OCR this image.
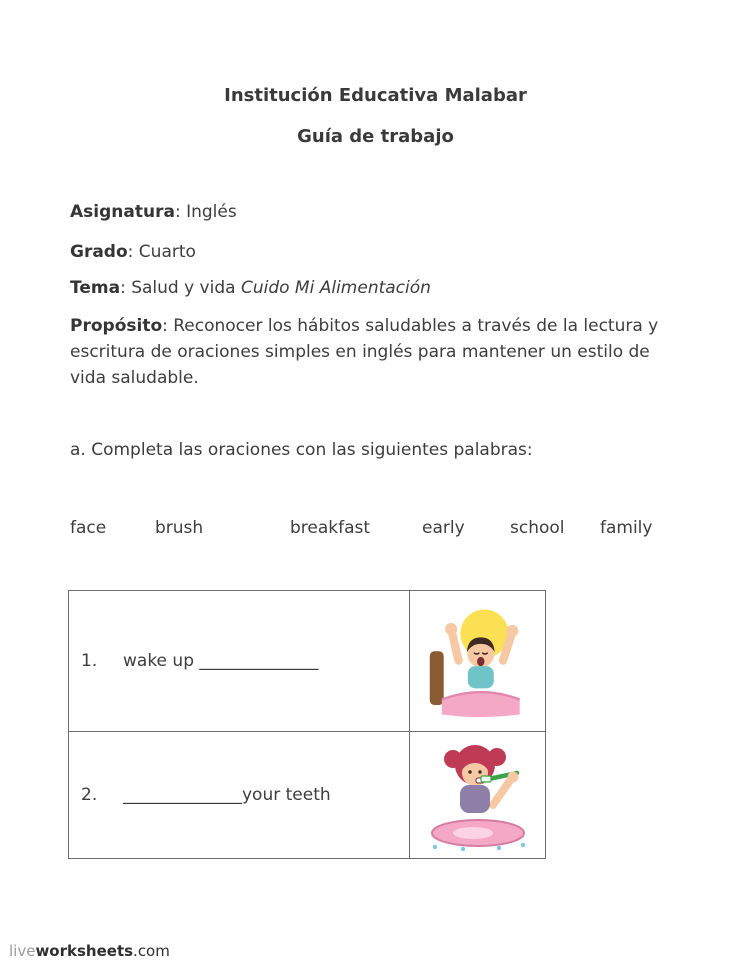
Institución Educativa Malabar
Guía de trabajo

Asignatura: Inglés

Grado: Cuarto

Tema: Salud y vida Cuido Mi Alimentación

Propósito: Reconocer los hábitos saludables a través de la lectura y escritura de oraciones simples en inglés para mantener un estilo de vida saludable.

a. Completa las oraciones con las siguientes palabras:
face	brush	breakfast	early	school family
1.	wake up ______________
2.	______________ your teeth
liveworksheets.com
